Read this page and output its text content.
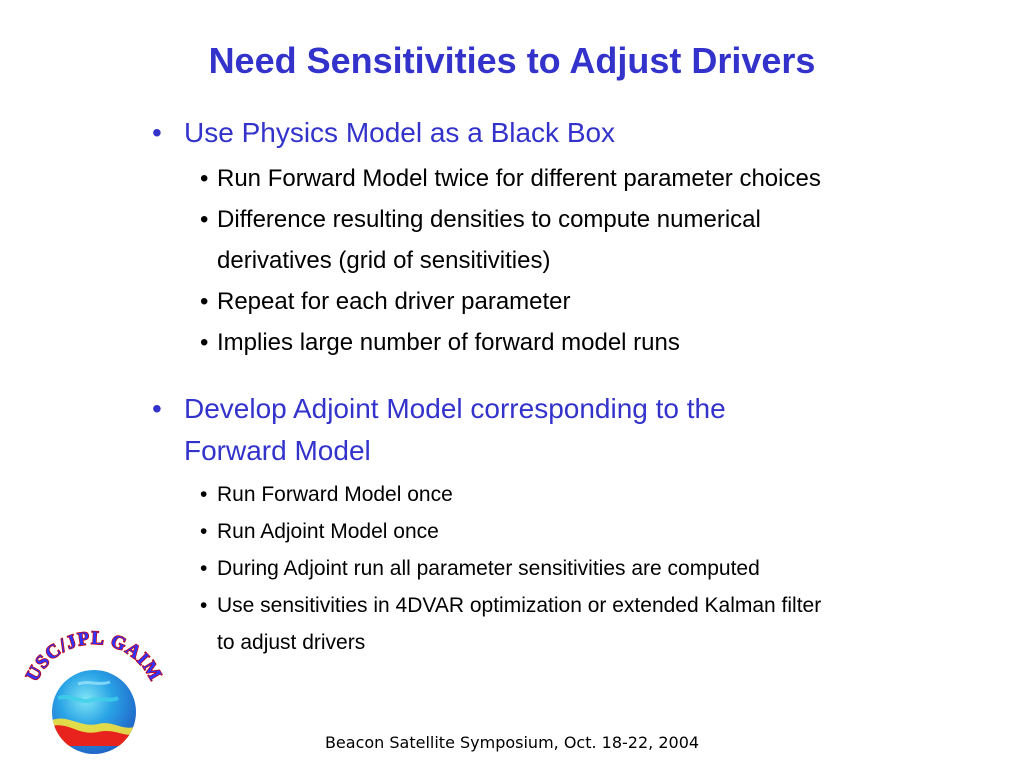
Need Sensitivities to Adjust Drivers

• Use Physics Model as a Black Box

• Run Forward Model twice for different parameter choices
• Difference resulting densities to compute numerical
derivatives (grid of sensitivities)
• Repeat for each driver parameter
• Implies large number of forward model runs

• Develop Adjoint Model corresponding to the
Forward Model

• Run Forward Model once
• Run Adjoint Model once
• During Adjoint run all parameter sensitivities are computed
• Use sensitivities in 4DVAR optimization or extended Kalman filter
to adjust drivers
USC/JPL GAIM
Beacon Satellite Symposium, Oct. 18-22, 2004
